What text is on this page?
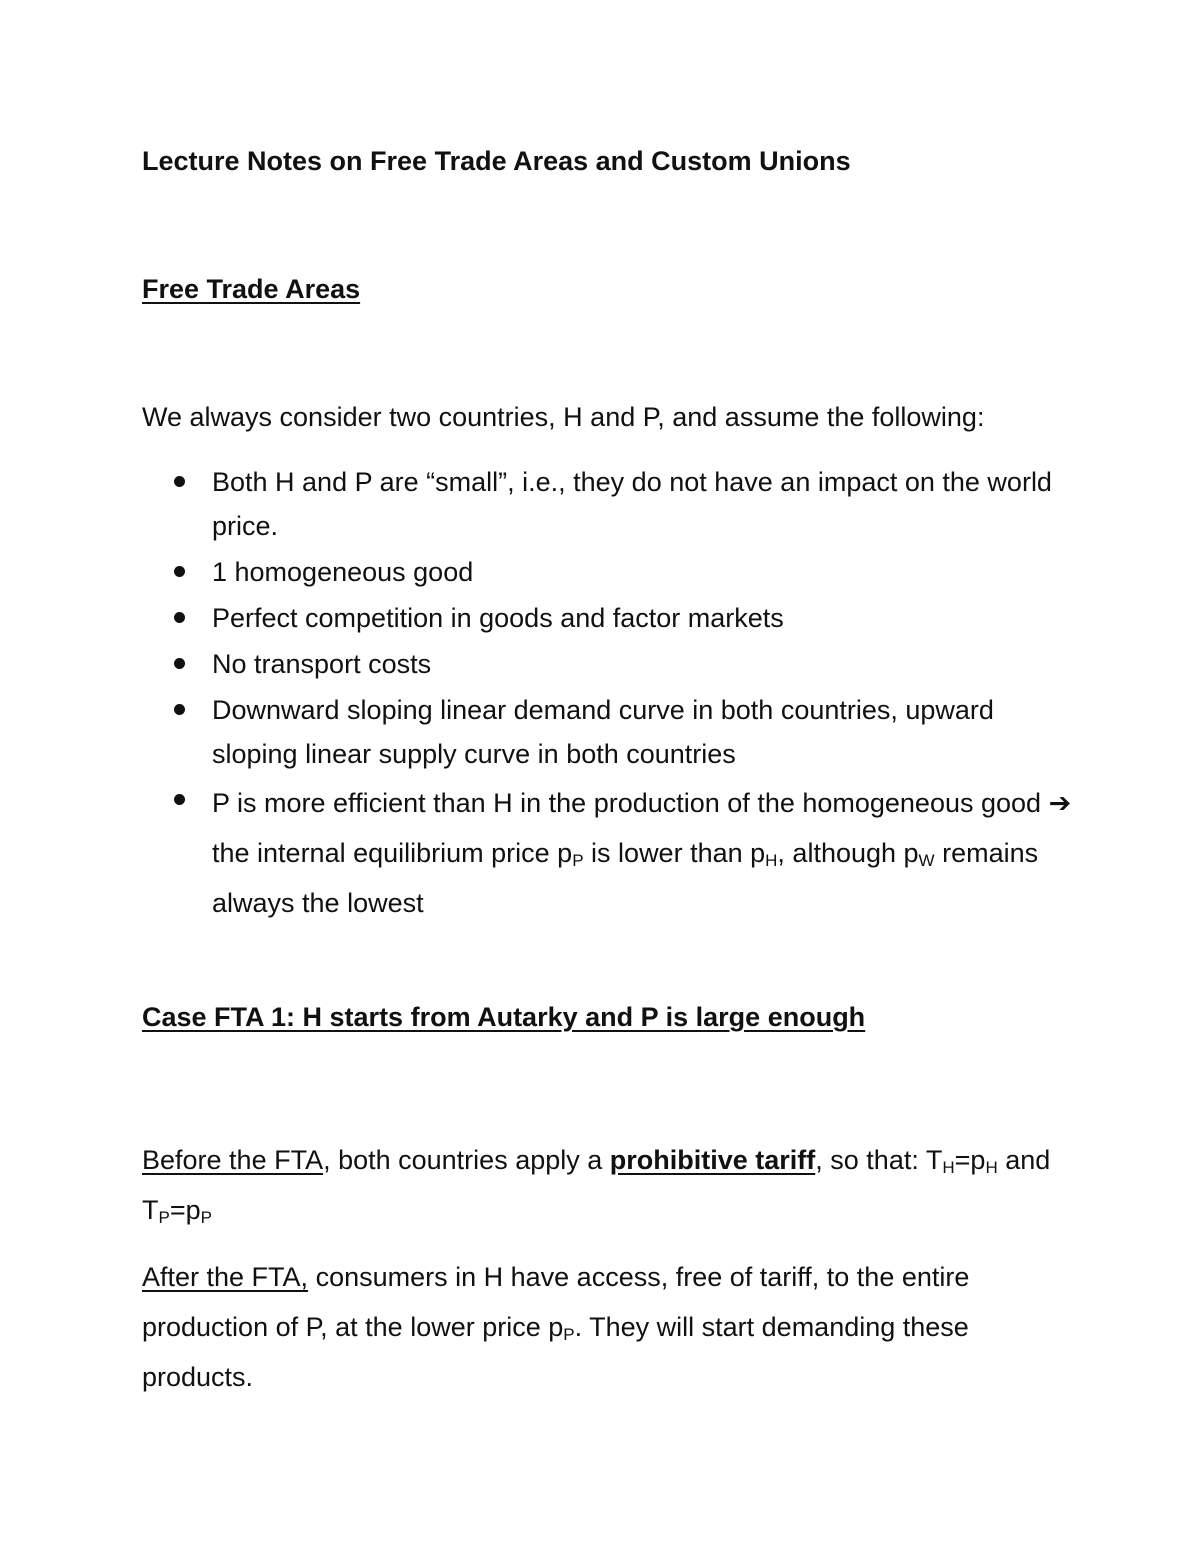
Lecture Notes on Free Trade Areas and Custom Unions

Free Trade Areas

We always consider two countries, H and P, and assume the following:

Both H and P are “small”, i.e., they do not have an impact on the world price.
1 homogeneous good
Perfect competition in goods and factor markets
No transport costs
Downward sloping linear demand curve in both countries, upward sloping linear supply curve in both countries
P is more efficient than H in the production of the homogeneous good ➔ the internal equilibrium price $p_P$ is lower than $p_H$, although $p_W$ remains always the lowest

Case FTA 1: H starts from Autarky and P is large enough

Before the FTA, both countries apply a prohibitive tariff, so that: $T_H=p_H$ and $T_P=p_P$

After the FTA, consumers in H have access, free of tariff, to the entire production of P, at the lower price $p_P$. They will start demanding these products.
